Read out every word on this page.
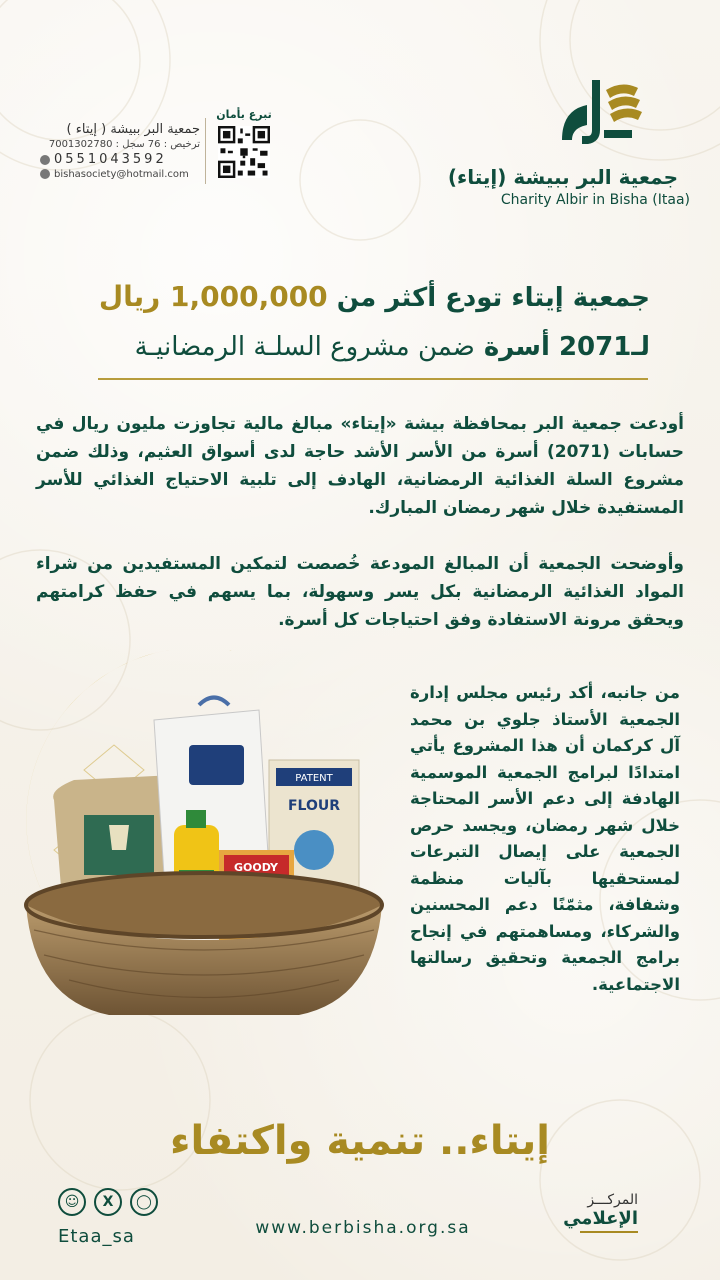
جمعية البر ببيشة (إيتاء)
Charity Albir in Bisha (Itaa)
تبرع بأمان
جمعية البر ببيشة ( إيتاء )
ترخيص : 76 سجل : 7001302780
0551043592
bishasociety@hotmail.com
جمعية إيتاء تودع أكثر من 1,000,000 ريال
لـ2071 أسرة ضمن مشروع السلـة الرمضانيـة
أودعت جمعية البر بمحافظة بيشة «إيتاء» مبالغ مالية تجاوزت مليون ريال في حسابات (2071) أسرة من الأسر الأشد حاجة لدى أسواق العثيم، وذلك ضمن مشروع السلة الغذائية الرمضانية، الهادف إلى تلبية الاحتياج الغذائي للأسر المستفيدة خلال شهر رمضان المبارك.
وأوضحت الجمعية أن المبالغ المودعة خُصصت لتمكين المستفيدين من شراء المواد الغذائية الرمضانية بكل يسر وسهولة، بما يسهم في حفظ كرامتهم ويحقق مرونة الاستفادة وفق احتياجات كل أسرة.
من جانبه، أكد رئيس مجلس إدارة الجمعية الأستاذ جلوي بن محمد آل كركمان أن هذا المشروع يأتي امتدادًا لبرامج الجمعية الموسمية الهادفة إلى دعم الأسر المحتاجة خلال شهر رمضان، ويجسد حرص الجمعية على إيصال التبرعات لمستحقيها بآليات منظمة وشفافة، مثمّنًا دعم المحسنين والشركاء، ومساهمتهم في إنجاح برامج الجمعية وتحقيق رسالتها الاجتماعية.
PATENT
FLOUR
GOODY
إيتاء.. تنمية واكتفاء
☺	X	◯
Etaa_sa	www.berbisha.org.sa
المركـــز
الإعلامي
